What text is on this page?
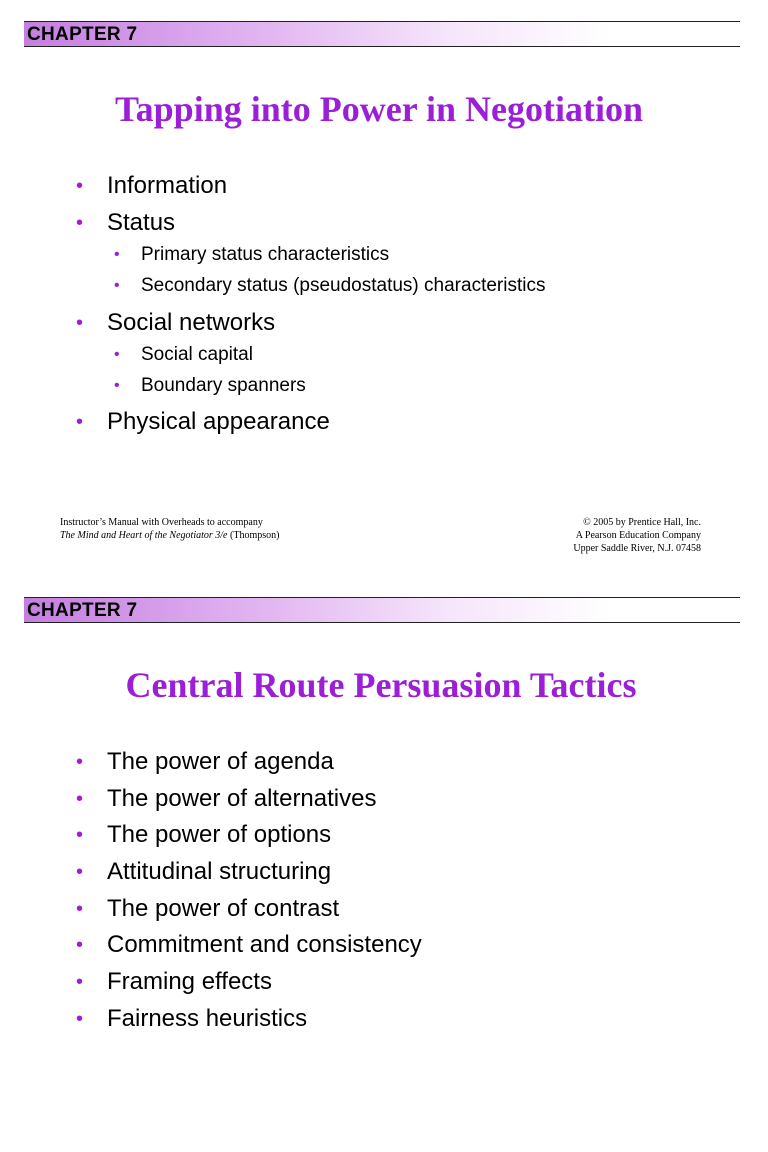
CHAPTER 7
Tapping into Power in Negotiation
• Information
• Status
• Primary status characteristics
• Secondary status (pseudostatus) characteristics
• Social networks
• Social capital
• Boundary spanners
• Physical appearance
Instructor’s Manual with Overheads to accompany
The Mind and Heart of the Negotiator 3/e (Thompson)
© 2005 by Prentice Hall, Inc.
A Pearson Education Company
Upper Saddle River, N.J. 07458
CHAPTER 7
Central Route Persuasion Tactics
• The power of agenda
• The power of alternatives
• The power of options
• Attitudinal structuring
• The power of contrast
• Commitment and consistency
• Framing effects
• Fairness heuristics
